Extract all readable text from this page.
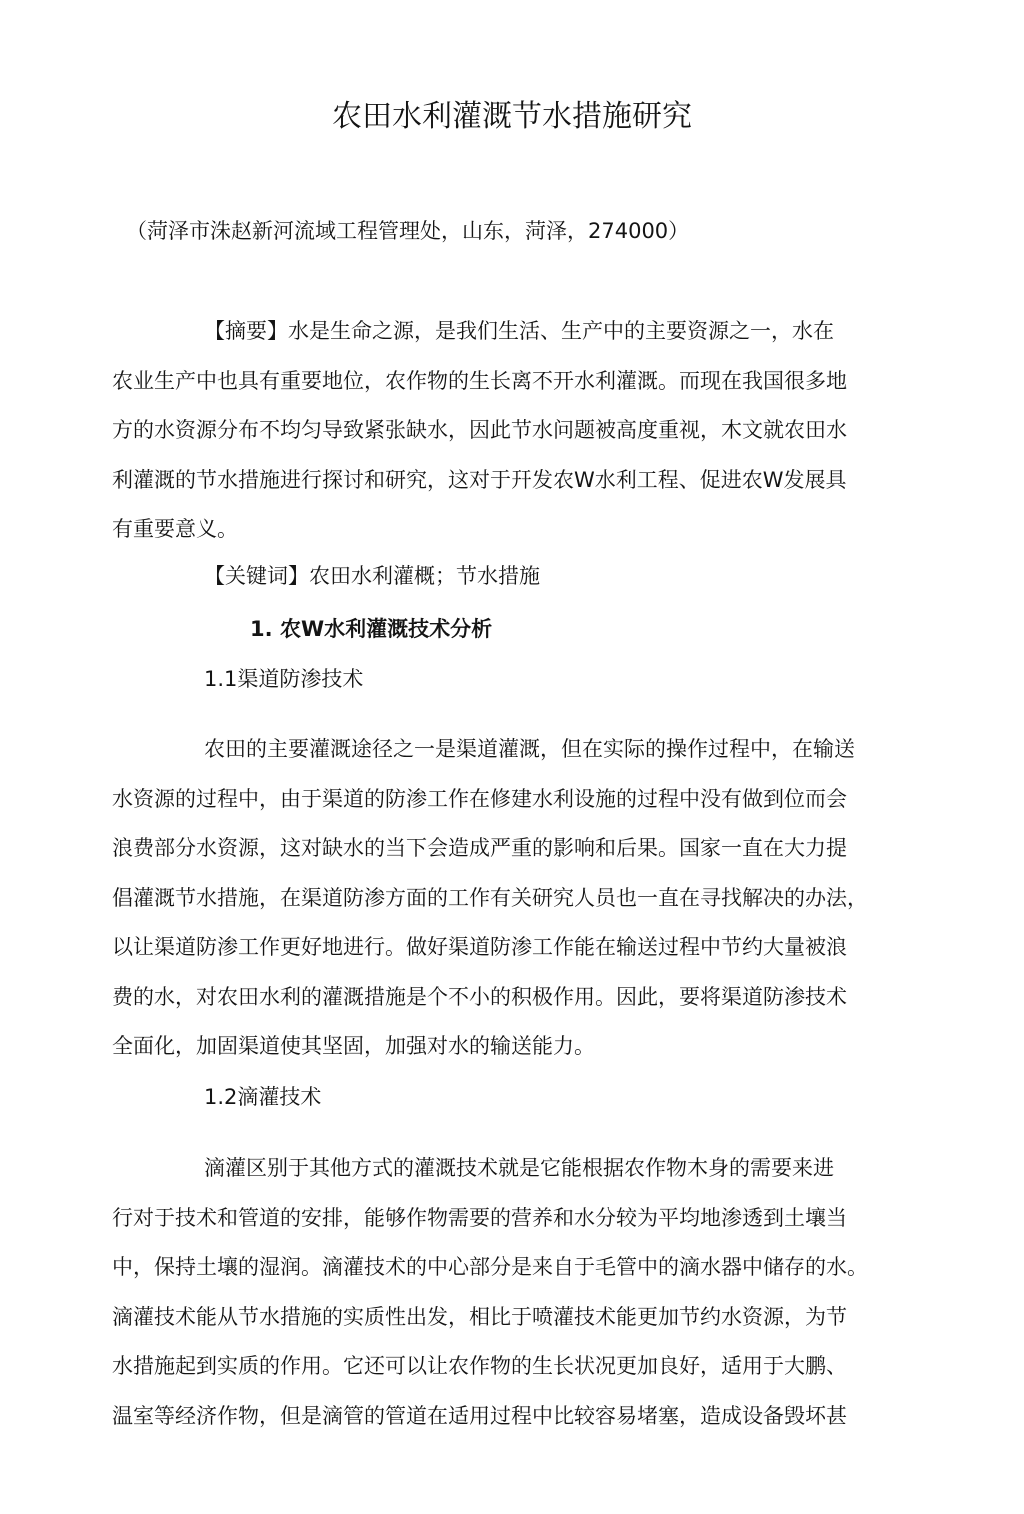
农田水利灌溉节水措施研究

（菏泽市洙赵新河流域工程管理处，山东，菏泽，274000）

【摘要】水是生命之源，是我们生活、生产中的主要资源之一，水在
农业生产中也具有重要地位，农作物的生长离不开水利灌溉。而现在我国很多地
方的水资源分布不均匀导致紧张缺水，因此节水问题被高度重视，木文就农田水
利灌溉的节水措施进行探讨和研究，这对于幵发农W水利工程、促进农W发展具
有重要意义。

【关键词】农田水利灌概；节水措施

1. 农W水利灌溉技术分析
1.1渠道防渗技术
农田的主要灌溉途径之一是渠道灌溉，但在实际的操作过程中，在输送
水资源的过程中，由于渠道的防渗工作在修建水利设施的过程中没有做到位而会
浪费部分水资源，这对缺水的当下会造成严重的影响和后果。国家一直在大力提
倡灌溉节水措施，在渠道防渗方面的工作有关研究人员也一直在寻找解决的办法，
以让渠道防渗工作更好地进行。做好渠道防渗工作能在输送过程中节约大量被浪
费的水，对农田水利的灌溉措施是个不小的积极作用。因此，要将渠道防渗技术
全面化，加固渠道使其坚固，加强对水的输送能力。
1.2滴灌技术
滴灌区别于其他方式的灌溉技术就是它能根据农作物木身的需要来进
行对于技术和管道的安排，能够作物需要的营养和水分较为平均地渗透到土壤当
中，保持土壤的湿润。滴灌技术的中心部分是来自于毛管中的滴水器中储存的水。
滴灌技术能从节水措施的实质性出发，相比于喷灌技术能更加节约水资源，为节
水措施起到实质的作用。它还可以让农作物的生长状况更加良好，适用于大鹏、
温室等经济作物，但是滴管的管道在适用过程中比较容易堵塞，造成设备毁坏甚
